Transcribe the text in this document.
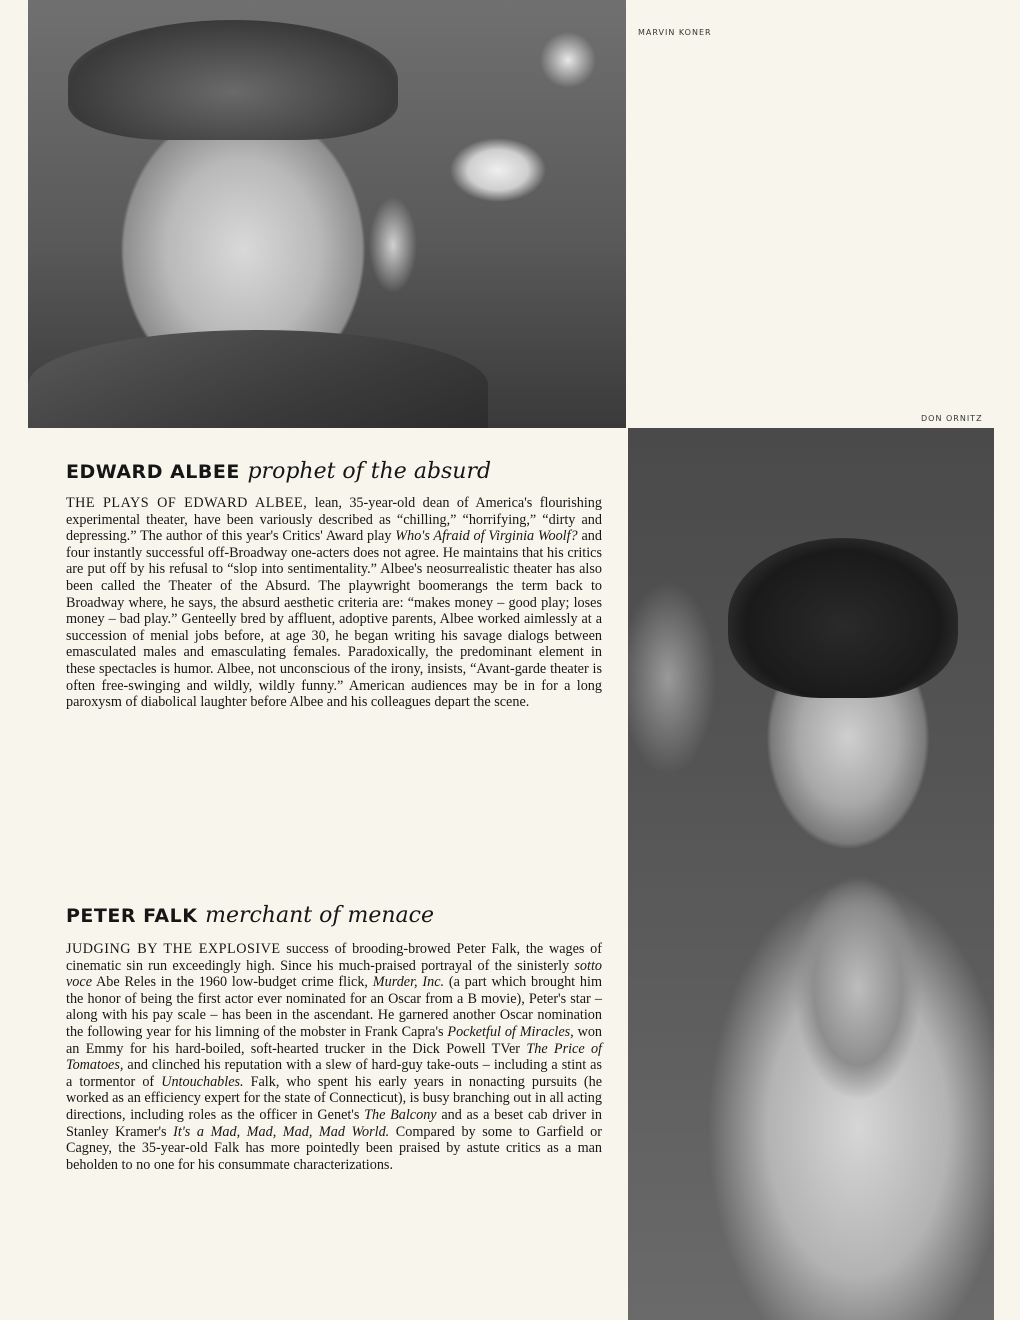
MARVIN KONER
DON ORNITZ
EDWARD ALBEE prophet of the absurd

THE PLAYS OF EDWARD ALBEE, lean, 35-year-old dean of America's flourishing experimental theater, have been variously described as “chilling,” “horrifying,” “dirty and depressing.” The author of this year's Critics' Award play Who's Afraid of Virginia Woolf? and four instantly successful off-Broadway one-acters does not agree. He maintains that his critics are put off by his refusal to “slop into sentimentality.” Albee's neosurrealistic theater has also been called the Theater of the Absurd. The playwright boomerangs the term back to Broadway where, he says, the absurd aesthetic criteria are: “makes money – good play; loses money – bad play.” Genteelly bred by affluent, adoptive parents, Albee worked aimlessly at a succession of menial jobs before, at age 30, he began writing his savage dialogs between emasculated males and emasculating females. Paradoxically, the predominant element in these spectacles is humor. Albee, not unconscious of the irony, insists, “Avant-garde theater is often free-swinging and wildly, wildly funny.” American audiences may be in for a long paroxysm of diabolical laughter before Albee and his colleagues depart the scene.

PETER FALK merchant of menace

JUDGING BY THE EXPLOSIVE success of brooding-browed Peter Falk, the wages of cinematic sin run exceedingly high. Since his much-praised portrayal of the sinisterly sotto voce Abe Reles in the 1960 low-budget crime flick, Murder, Inc. (a part which brought him the honor of being the first actor ever nominated for an Oscar from a B movie), Peter's star – along with his pay scale – has been in the ascendant. He garnered another Oscar nomination the following year for his limning of the mobster in Frank Capra's Pocketful of Miracles, won an Emmy for his hard-boiled, soft-hearted trucker in the Dick Powell TVer The Price of Tomatoes, and clinched his reputation with a slew of hard-guy take-outs – including a stint as a tormentor of Untouchables. Falk, who spent his early years in nonacting pursuits (he worked as an efficiency expert for the state of Connecticut), is busy branching out in all acting directions, including roles as the officer in Genet's The Balcony and as a beset cab driver in Stanley Kramer's It's a Mad, Mad, Mad, Mad World. Compared by some to Garfield or Cagney, the 35-year-old Falk has more pointedly been praised by astute critics as a man beholden to no one for his consummate characterizations.
